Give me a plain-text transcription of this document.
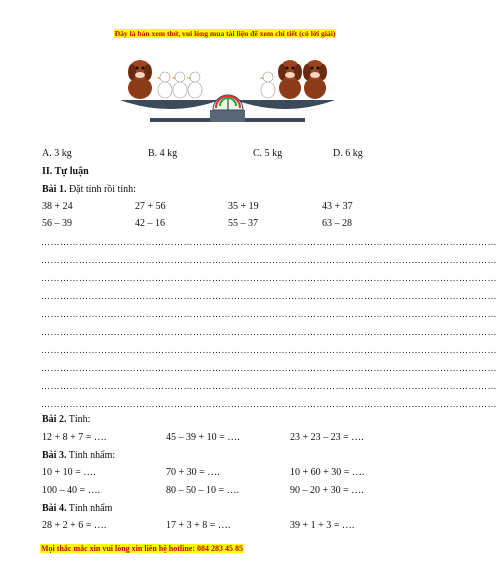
Đây là bản xem thử, vui lòng mua tài liệu để xem chi tiết (có lời giải)
A. 3 kg	B. 4 kg	C. 5 kg	D. 6 kg
II. Tự luận
Bài 1. Đặt tính rồi tính:
38 + 24	27 + 56	35 + 19	43 + 37
56 – 39	42 – 16	55 – 37	63 – 28
………………………………………………………………………………………………………………………………
………………………………………………………………………………………………………………………………
………………………………………………………………………………………………………………………………
………………………………………………………………………………………………………………………………
………………………………………………………………………………………………………………………………
………………………………………………………………………………………………………………………………
………………………………………………………………………………………………………………………………
………………………………………………………………………………………………………………………………
………………………………………………………………………………………………………………………………
………………………………………………………………………………………………………………………………
Bài 2. Tính:
12 + 8 + 7 = ….	45 – 39 + 10 = ….	23 + 23 – 23 = ….
Bài 3. Tính nhẩm:
10 + 10 = ….	70 + 30 = ….	10 + 60 + 30 = ….
100 – 40 = ….	80 – 50 – 10 = ….	90 – 20 + 30 = ….
Bài 4. Tính nhẩm
28 + 2 + 6 = ….	17 + 3 + 8 = ….	39 + 1 + 3 = ….
Mọi thắc mắc xin vui lòng xin liên hệ hotline: 084 283 45 85
